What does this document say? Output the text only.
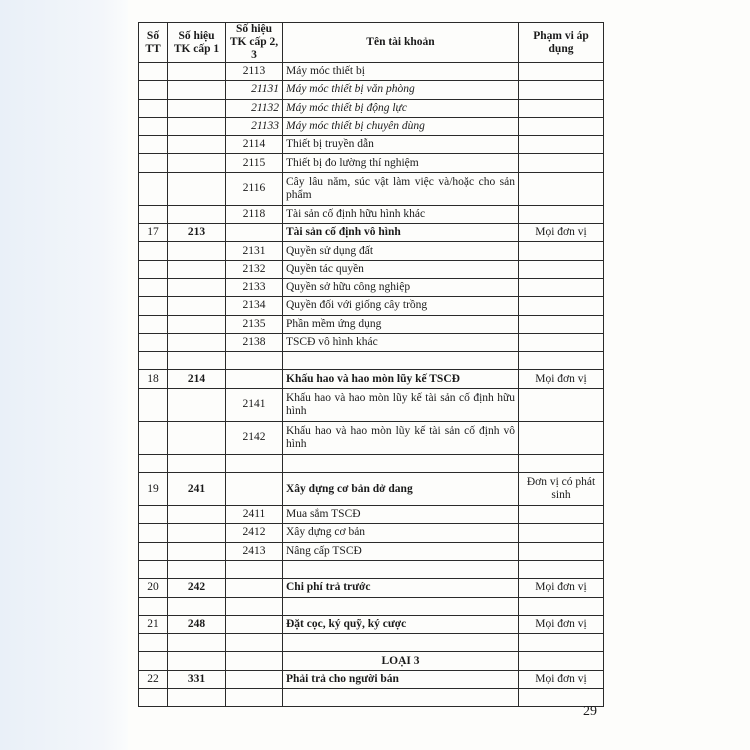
Số TT	Số hiệu TK cấp 1	Số hiệu TK cấp 2, 3	Tên tài khoản	Phạm vi áp dụng
		2113	Máy móc thiết bị	
		21131	Máy móc thiết bị văn phòng	
		21132	Máy móc thiết bị động lực	
		21133	Máy móc thiết bị chuyên dùng	
		2114	Thiết bị truyền dẫn	
		2115	Thiết bị đo lường thí nghiệm	
		2116	Cây lâu năm, súc vật làm việc và/hoặc cho sản phẩm	
		2118	Tài sản cố định hữu hình khác	
17	213		Tài sản cố định vô hình	Mọi đơn vị
		2131	Quyền sử dụng đất	
		2132	Quyền tác quyền	
		2133	Quyền sở hữu công nghiệp	
		2134	Quyền đối với giống cây trồng	
		2135	Phần mềm ứng dụng	
		2138	TSCĐ vô hình khác	

18	214		Khấu hao và hao mòn lũy kế TSCĐ	Mọi đơn vị
		2141	Khấu hao và hao mòn lũy kế tài sản cố định hữu hình	
		2142	Khấu hao và hao mòn lũy kế tài sản cố định vô hình	

19	241		Xây dựng cơ bản dở dang	Đơn vị có phát sinh
		2411	Mua sắm TSCĐ	
		2412	Xây dựng cơ bản	
		2413	Nâng cấp TSCĐ	

20	242		Chi phí trả trước	Mọi đơn vị

21	248		Đặt cọc, ký quỹ, ký cược	Mọi đơn vị

			LOẠI 3	
22	331		Phải trả cho người bán	Mọi đơn vị

29
